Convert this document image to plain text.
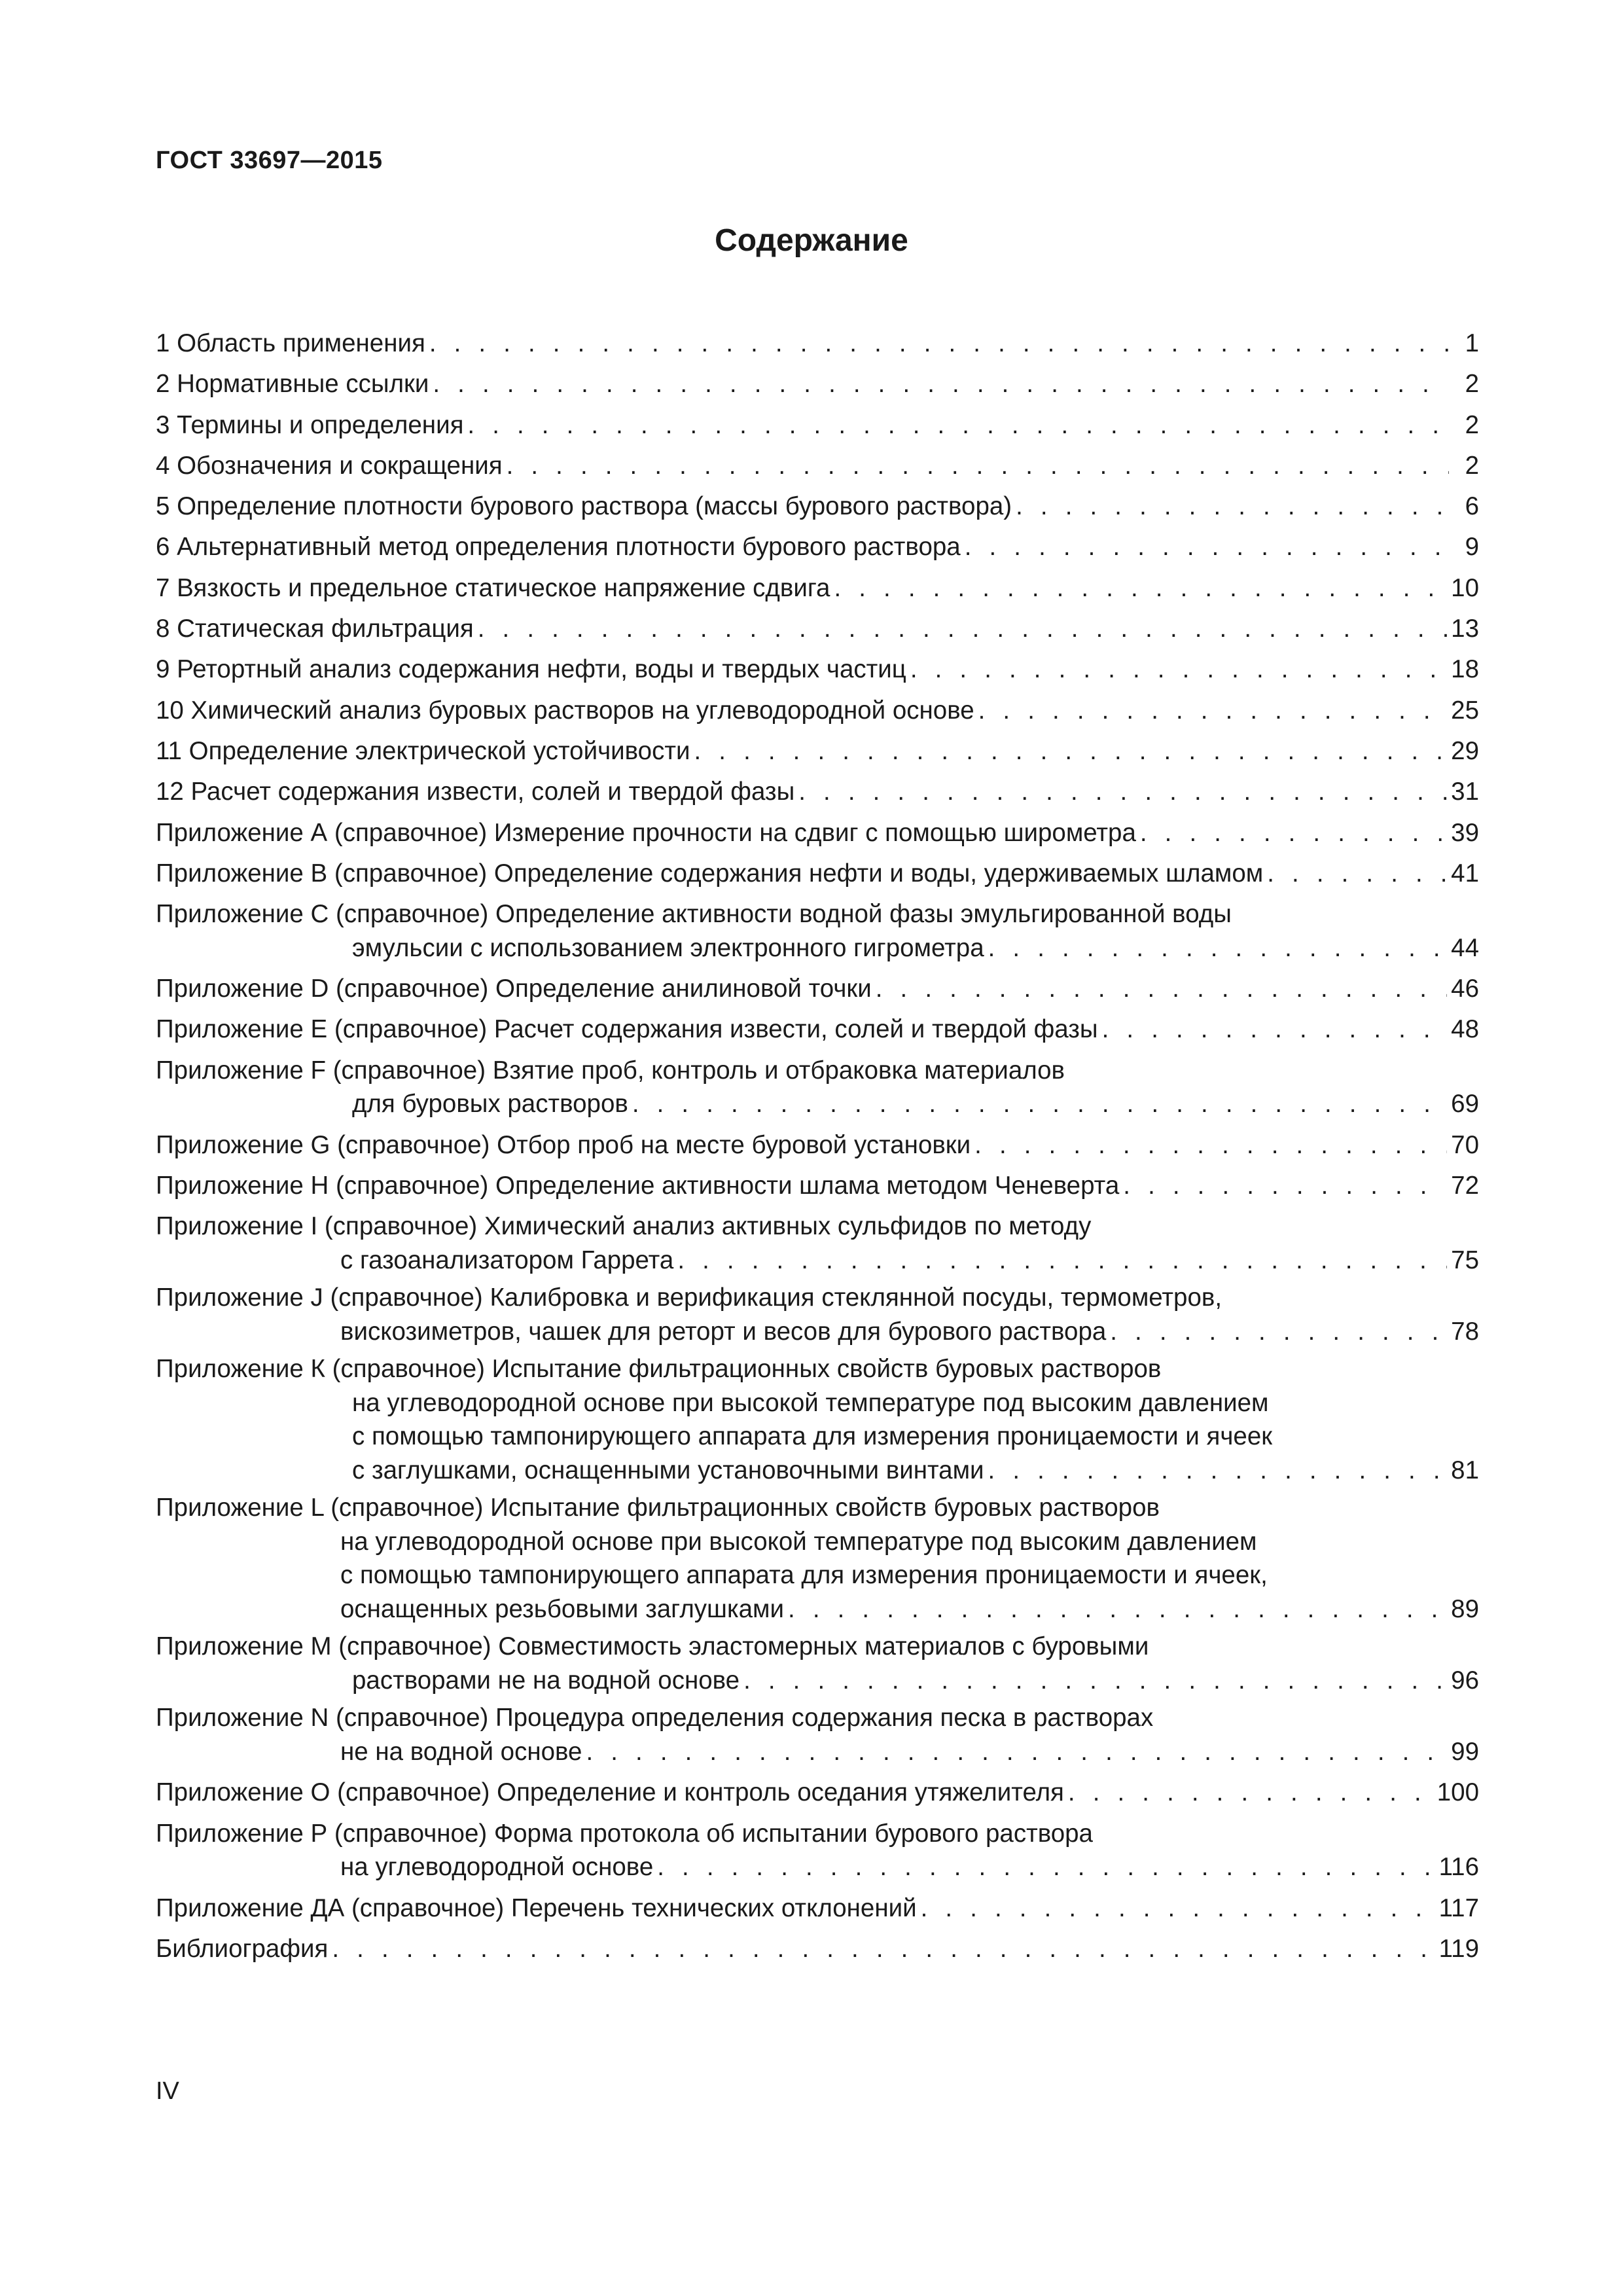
ГОСТ 33697—2015
Содержание
1 Область применения . . .	1
2 Нормативные ссылки . . .	2
3 Термины и определения . . .	2
4 Обозначения и сокращения . . .	2
5 Определение плотности бурового раствора (массы бурового раствора) . . .	6
6 Альтернативный метод определения плотности бурового раствора . . .	9
7 Вязкость и предельное статическое напряжение сдвига . . .	10
8 Статическая фильтрация . . .	13
9 Ретортный анализ содержания нефти, воды и твердых частиц . . .	18
10 Химический анализ буровых растворов на углеводородной основе . . .	25
11 Определение электрической устойчивости . . .	29
12 Расчет содержания извести, солей и твердой фазы . . .	31
Приложение А (справочное) Измерение прочности на сдвиг с помощью широметра . . .	39
Приложение В (справочное) Определение содержания нефти и воды, удерживаемых шламом . . .	41
Приложение С (справочное) Определение активности водной фазы эмульгированной воды
эмульсии с использованием электронного гигрометра . . .	44
Приложение D (справочное) Определение анилиновой точки . . .	46
Приложение Е (справочное) Расчет содержания извести, солей и твердой фазы . . .	48
Приложение F (справочное) Взятие проб, контроль и отбраковка материалов
для буровых растворов . . .	69
Приложение G (справочное) Отбор проб на месте буровой установки . . .	70
Приложение Н (справочное) Определение активности шлама методом Ченеверта . . .	72
Приложение I (справочное) Химический анализ активных сульфидов по методу
с газоанализатором Гаррета . . .	75
Приложение J (справочное) Калибровка и верификация стеклянной посуды, термометров,
вискозиметров, чашек для реторт и весов для бурового раствора . . .	78
Приложение К (справочное) Испытание фильтрационных свойств буровых растворов
на углеводородной основе при высокой температуре под высоким давлением
с помощью тампонирующего аппарата для измерения проницаемости и ячеек
с заглушками, оснащенными установочными винтами . . .	81
Приложение L (справочное) Испытание фильтрационных свойств буровых растворов
на углеводородной основе при высокой температуре под высоким давлением
с помощью тампонирующего аппарата для измерения проницаемости и ячеек,
оснащенных резьбовыми заглушками . . .	89
Приложение М (справочное) Совместимость эластомерных материалов с буровыми
растворами не на водной основе . . .	96
Приложение N (справочное) Процедура определения содержания песка в растворах
не на водной основе . . .	99
Приложение О (справочное) Определение и контроль оседания утяжелителя . . .	100
Приложение Р (справочное) Форма протокола об испытании бурового раствора
на углеводородной основе . . .	116
Приложение ДА (справочное) Перечень технических отклонений . . .	117
Библиография . . .	119
IV
